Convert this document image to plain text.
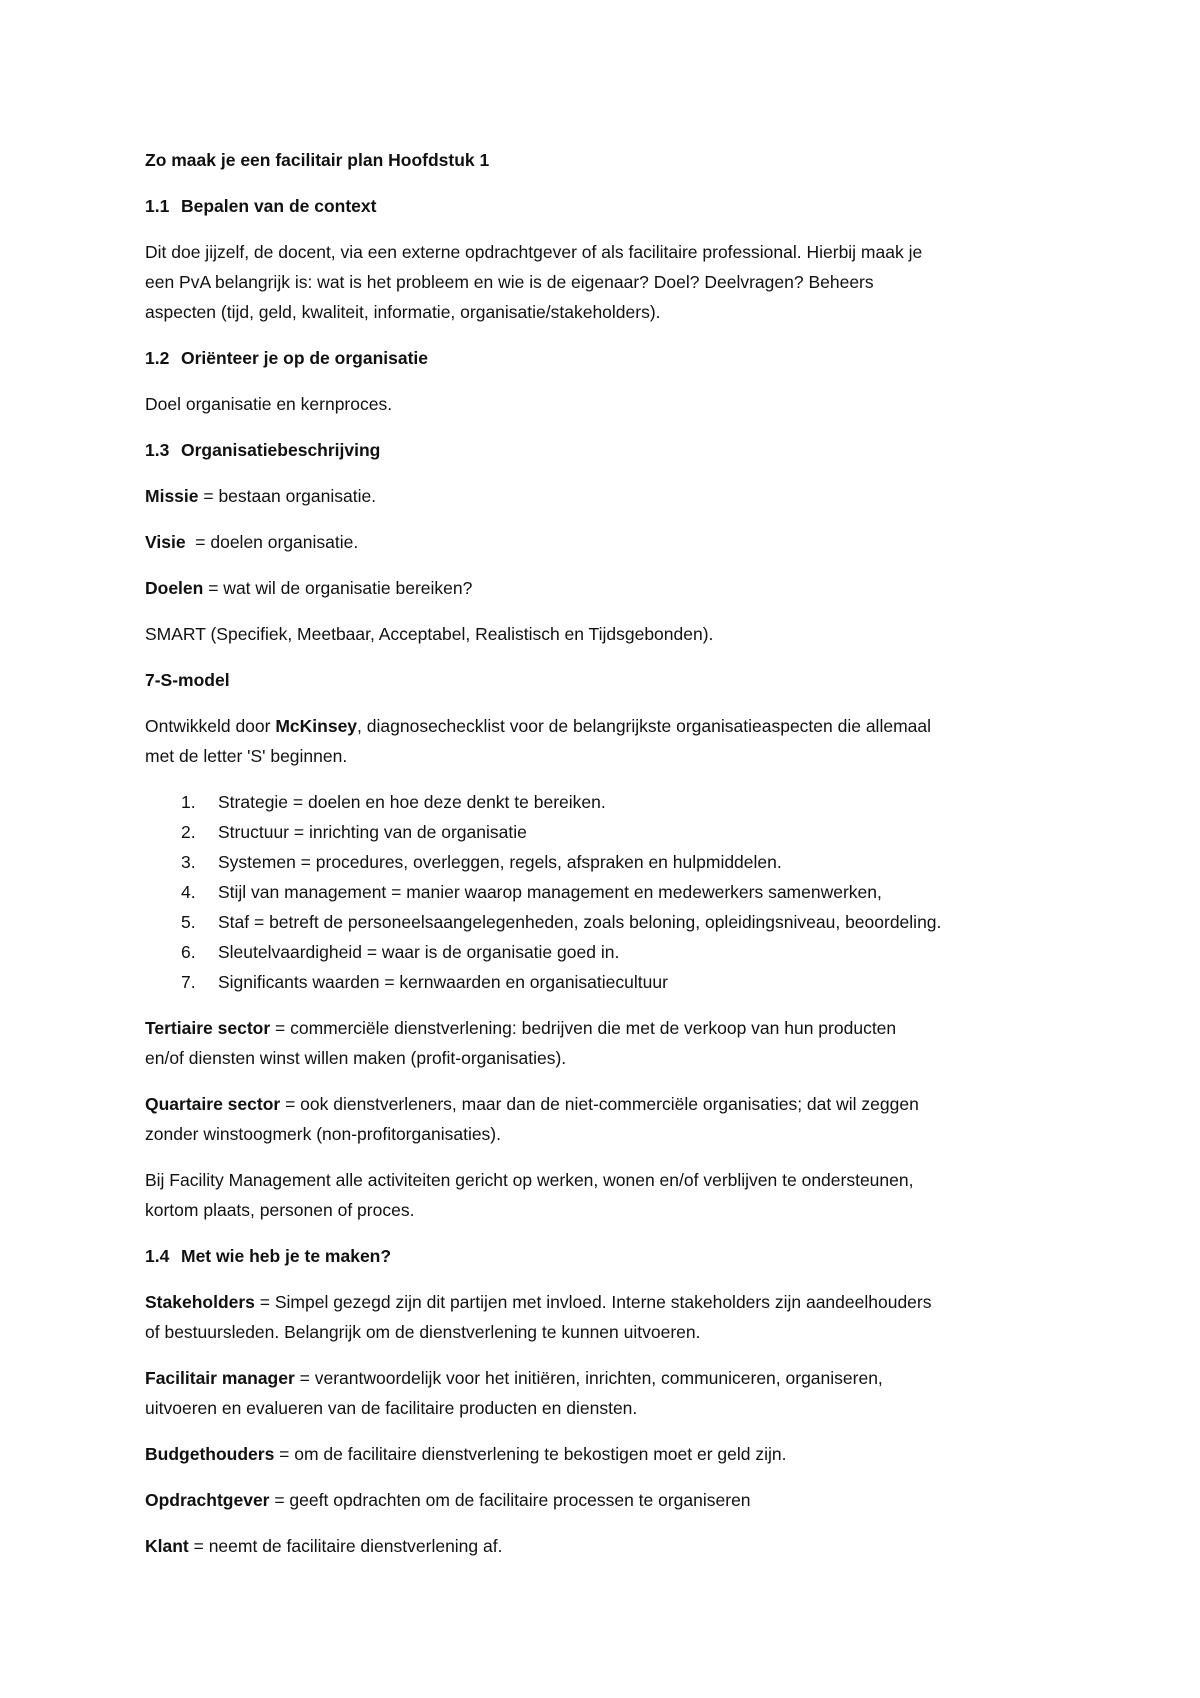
Zo maak je een facilitair plan Hoofdstuk 1

1.1 Bepalen van de context

Dit doe jijzelf, de docent, via een externe opdrachtgever of als facilitaire professional. Hierbij maak je

een PvA belangrijk is: wat is het probleem en wie is de eigenaar? Doel? Deelvragen? Beheers

aspecten (tijd, geld, kwaliteit, informatie, organisatie/stakeholders).

1.2 Oriënteer je op de organisatie

Doel organisatie en kernproces.

1.3 Organisatiebeschrijving

Missie = bestaan organisatie.

Visie  = doelen organisatie.

Doelen = wat wil de organisatie bereiken?

SMART (Specifiek, Meetbaar, Acceptabel, Realistisch en Tijdsgebonden).

7-S-model

Ontwikkeld door McKinsey, diagnosechecklist voor de belangrijkste organisatieaspecten die allemaal

met de letter 'S' beginnen.

1.	Strategie = doelen en hoe deze denkt te bereiken.
2.	Structuur = inrichting van de organisatie
3.	Systemen = procedures, overleggen, regels, afspraken en hulpmiddelen.
4.	Stijl van management = manier waarop management en medewerkers samenwerken,
5.	Staf = betreft de personeelsaangelegenheden, zoals beloning, opleidingsniveau, beoordeling.
6.	Sleutelvaardigheid = waar is de organisatie goed in.
7.	Significants waarden = kernwaarden en organisatiecultuur

Tertiaire sector = commerciële dienstverlening: bedrijven die met de verkoop van hun producten

en/of diensten winst willen maken (profit-organisaties).

Quartaire sector = ook dienstverleners, maar dan de niet-commerciële organisaties; dat wil zeggen

zonder winstoogmerk (non-profitorganisaties).

Bij Facility Management alle activiteiten gericht op werken, wonen en/of verblijven te ondersteunen,

kortom plaats, personen of proces.

1.4 Met wie heb je te maken?

Stakeholders = Simpel gezegd zijn dit partijen met invloed. Interne stakeholders zijn aandeelhouders

of bestuursleden. Belangrijk om de dienstverlening te kunnen uitvoeren.

Facilitair manager = verantwoordelijk voor het initiëren, inrichten, communiceren, organiseren,

uitvoeren en evalueren van de facilitaire producten en diensten.

Budgethouders = om de facilitaire dienstverlening te bekostigen moet er geld zijn.

Opdrachtgever = geeft opdrachten om de facilitaire processen te organiseren

Klant = neemt de facilitaire dienstverlening af.
